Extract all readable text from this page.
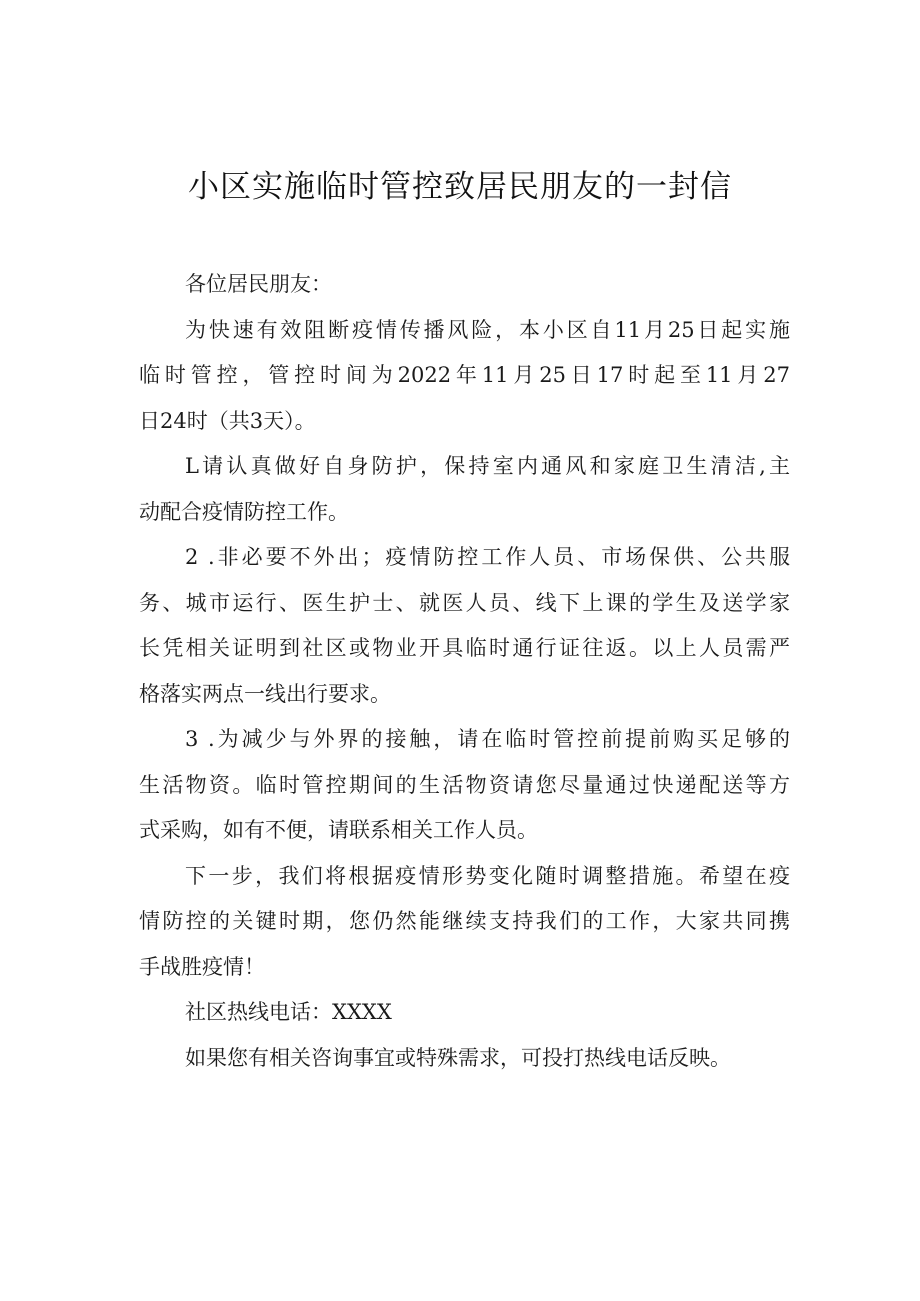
小区实施临时管控致居民朋友的一封信
各位居民朋友：
为快速有效阻断疫情传播风险，本小区自11月25日起实施
临时管控，管控时间为2022年11月25日17时起至11月27
日24时（共3天）。
L请认真做好自身防护，保持室内通风和家庭卫生清洁,主
动配合疫情防控工作。
2 .非必要不外出；疫情防控工作人员、市场保供、公共服
务、城市运行、医生护士、就医人员、线下上课的学生及送学家
长凭相关证明到社区或物业开具临时通行证往返。以上人员需严
格落实两点一线出行要求。
3 .为减少与外界的接触，请在临时管控前提前购买足够的
生活物资。临时管控期间的生活物资请您尽量通过快递配送等方
式采购，如有不便，请联系相关工作人员。
下一步，我们将根据疫情形势变化随时调整措施。希望在疫
情防控的关键时期，您仍然能继续支持我们的工作，大家共同携
手战胜疫情！
社区热线电话：XXXX
如果您有相关咨询事宜或特殊需求，可投打热线电话反映。
